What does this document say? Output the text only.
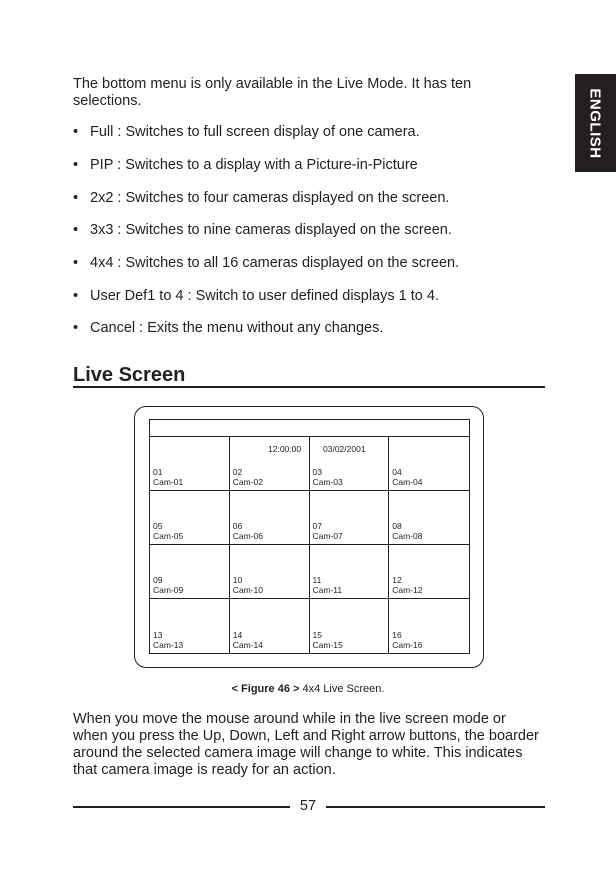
ENGLISH

The bottom menu is only available in the Live Mode. It has ten selections.

• Full : Switches to full screen display of one camera.
• PIP : Switches to a display with a Picture-in-Picture
• 2x2 : Switches to four cameras displayed on the screen.
• 3x3 : Switches to nine cameras displayed on the screen.
• 4x4 : Switches to all 16 cameras displayed on the screen.
• User Def1 to 4 : Switch to user defined displays 1 to 4.
• Cancel : Exits the menu without any changes.
Live Screen
01
Cam-01
02
Cam-02
03
Cam-03
04
Cam-04
05
Cam-05
06
Cam-06
07
Cam-07
08
Cam-08
09
Cam-09
10
Cam-10
11
Cam-11
12
Cam-12
13
Cam-13
14
Cam-14
15
Cam-15
16
Cam-16
12:00:00	03/02/2001
< Figure 46 > 4x4 Live Screen.

When you move the mouse around while in the live screen mode or when you press the Up, Down, Left and Right arrow buttons, the boarder around the selected camera image will change to white. This indicates that camera image is ready for an action.

57
